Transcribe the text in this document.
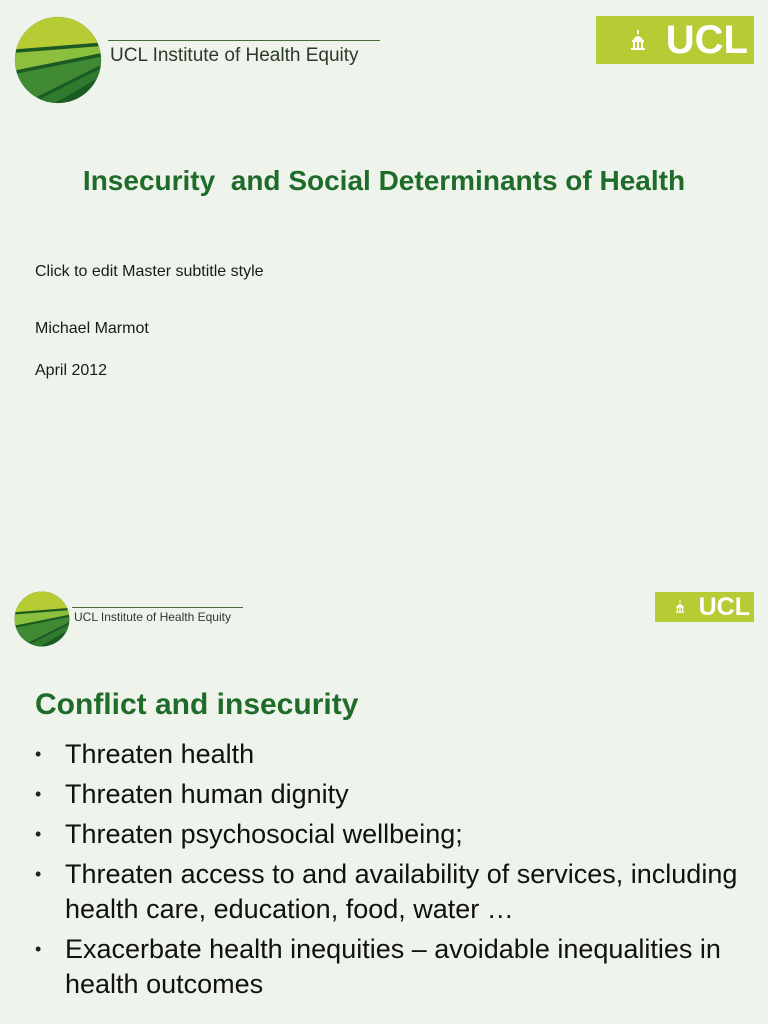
UCL Institute of Health Equity	UCL
Insecurity  and Social Determinants of Health
Click to edit Master subtitle style
Michael Marmot
April 2012
UCL Institute of Health Equity	UCL
Conflict and insecurity
• Threaten health
• Threaten human dignity
• Threaten psychosocial wellbeing;
• Threaten access to and availability of services, including health care, education, food, water …
• Exacerbate health inequities – avoidable inequalities in health outcomes
